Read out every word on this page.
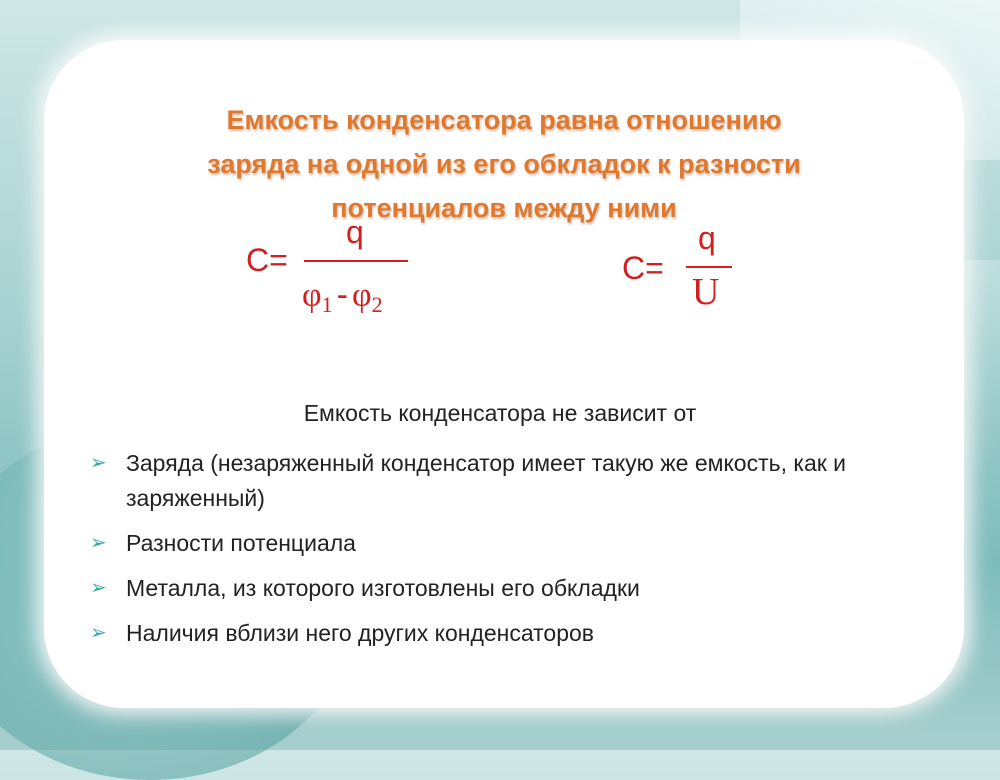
Емкость конденсатора равна отношению
заряда на одной из его обкладок к разности
потенциалов между ними
C=
q
$\varphi_1 - \varphi_2$
C=
q
U

Емкость конденсатора не зависит от

➢ Заряда (незаряженный конденсатор имеет такую же емкость, как и заряженный)
➢ Разности потенциала
➢ Металла, из которого изготовлены его обкладки
➢ Наличия вблизи него других конденсаторов
